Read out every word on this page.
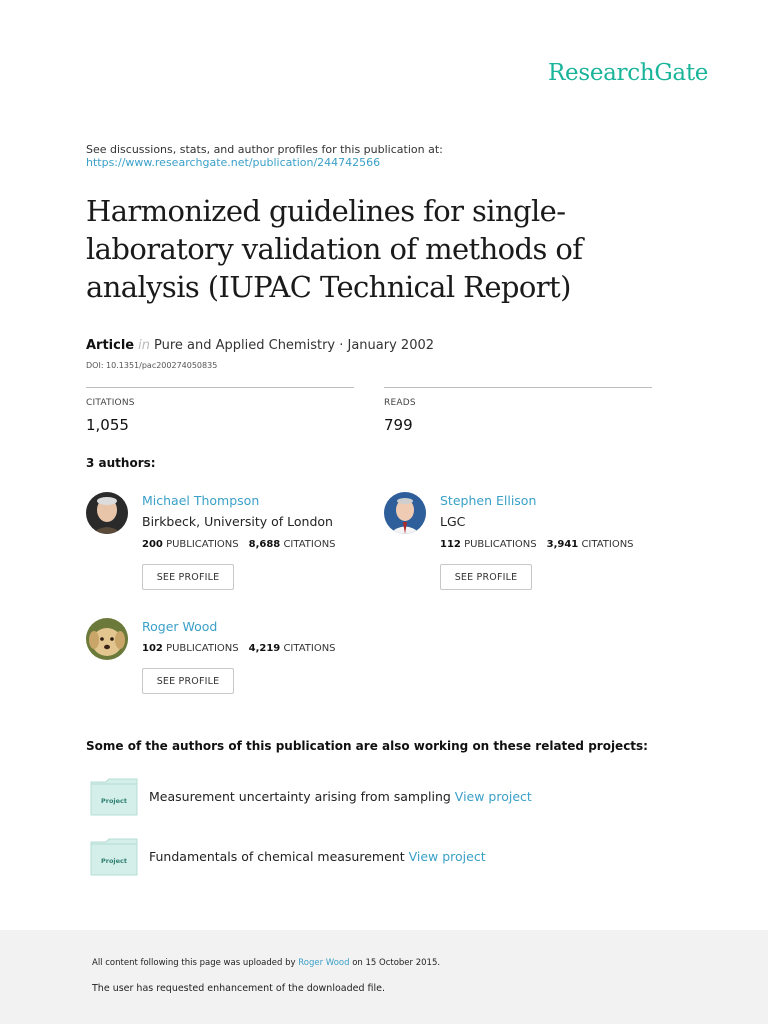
ResearchGate
See discussions, stats, and author profiles for this publication at:
https://www.researchgate.net/publication/244742566
Harmonized guidelines for single-laboratory validation of methods of analysis (IUPAC Technical Report)
Article in Pure and Applied Chemistry · January 2002
DOI: 10.1351/pac200274050835
CITATIONS
1,055
READS
799
3 authors:
Michael Thompson
Birkbeck, University of London
200 PUBLICATIONS 8,688 CITATIONS
SEE PROFILE
Stephen Ellison
LGC
112 PUBLICATIONS 3,941 CITATIONS
SEE PROFILE
Roger Wood
102 PUBLICATIONS 4,219 CITATIONS
SEE PROFILE
Some of the authors of this publication are also working on these related projects:
Project Measurement uncertainty arising from sampling View project
Project Fundamentals of chemical measurement View project
All content following this page was uploaded by Roger Wood on 15 October 2015.
The user has requested enhancement of the downloaded file.
